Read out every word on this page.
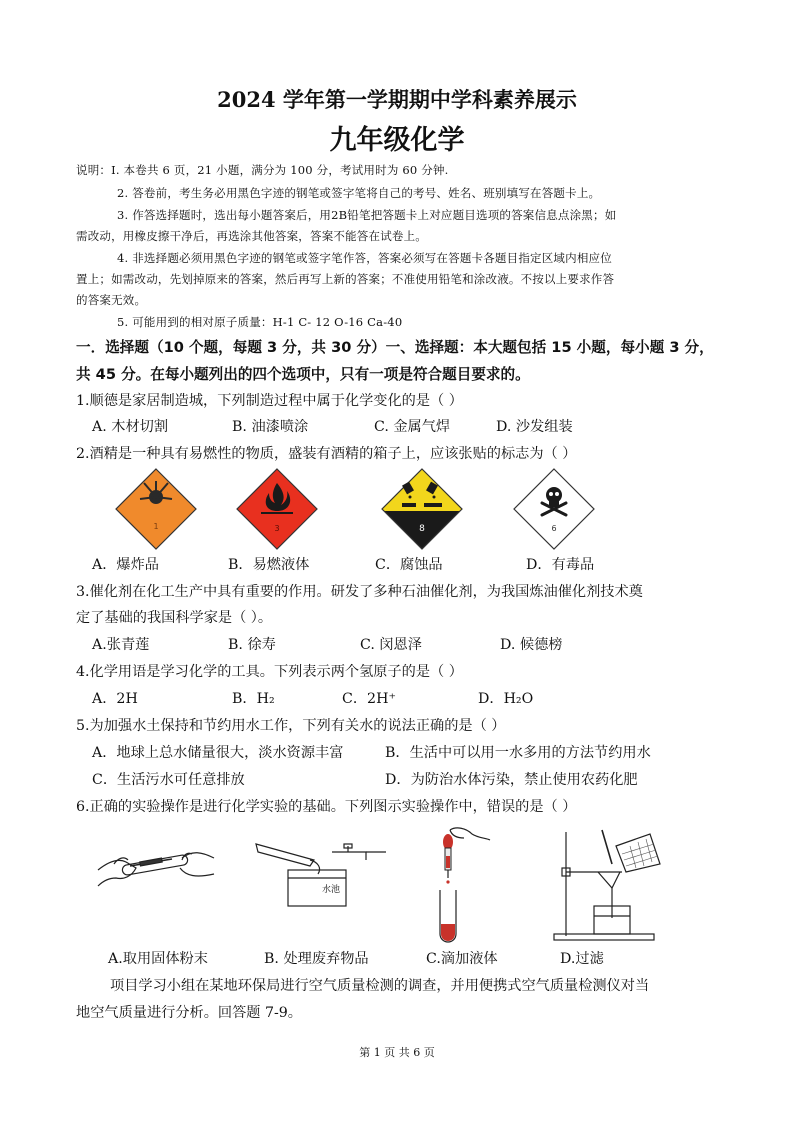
2024 学年第一学期期中学科素养展示
九年级化学
说明：Ⅰ. 本卷共 6 页，21 小题，满分为 100 分，考试用时为 60 分钟.
2. 答卷前，考生务必用黑色字迹的钢笔或签字笔将自己的考号、姓名、班别填写在答题卡上。
3. 作答选择题时，选出每小题答案后，用2B铅笔把答题卡上对应题目选项的答案信息点涂黑；如
需改动，用橡皮擦干净后，再选涂其他答案，答案不能答在试卷上。
4. 非选择题必须用黑色字迹的钢笔或签字笔作答，答案必须写在答题卡各题目指定区域内相应位
置上；如需改动，先划掉原来的答案，然后再写上新的答案；不准使用铅笔和涂改液。不按以上要求作答
的答案无效。
5. 可能用到的相对原子质量：H-1 C- 12 O-16 Ca-40
一．选择题（10 个题，每题 3 分，共 30 分）一、选择题：本大题包括 15 小题，每小题 3 分，
共 45 分。在每小题列出的四个选项中，只有一项是符合题目要求的。
1.顺德是家居制造城，下列制造过程中属于化学变化的是（ ）
A. 木材切割	B. 油漆喷涂	C. 金属气焊	D. 沙发组装
2.酒精是一种具有易燃性的物质，盛装有酒精的箱子上，应该张贴的标志为（ ）
1	3	8	6
A．爆炸品	B．易燃液体	C．腐蚀品	D．有毒品
3.催化剂在化工生产中具有重要的作用。研发了多种石油催化剂，为我国炼油催化剂技术奠
定了基础的我国科学家是（ ）。
A.张青莲	B. 徐寿	C. 闵恩泽	D. 候德榜
4.化学用语是学习化学的工具。下列表示两个氢原子的是（ ）
A．2H	B．H₂	C．2H⁺	D．H₂O
5.为加强水土保持和节约用水工作，下列有关水的说法正确的是（ ）
A．地球上总水储量很大，淡水资源丰富	B．生活中可以用一水多用的方法节约用水
C．生活污水可任意排放	D．为防治水体污染，禁止使用农药化肥
6.正确的实验操作是进行化学实验的基础。下列图示实验操作中，错误的是（ ）
水池
A.取用固体粉末	B. 处理废弃物品	C.滴加液体	D.过滤
项目学习小组在某地环保局进行空气质量检测的调查，并用便携式空气质量检测仪对当
地空气质量进行分析。回答题 7-9。
第 1 页 共 6 页
